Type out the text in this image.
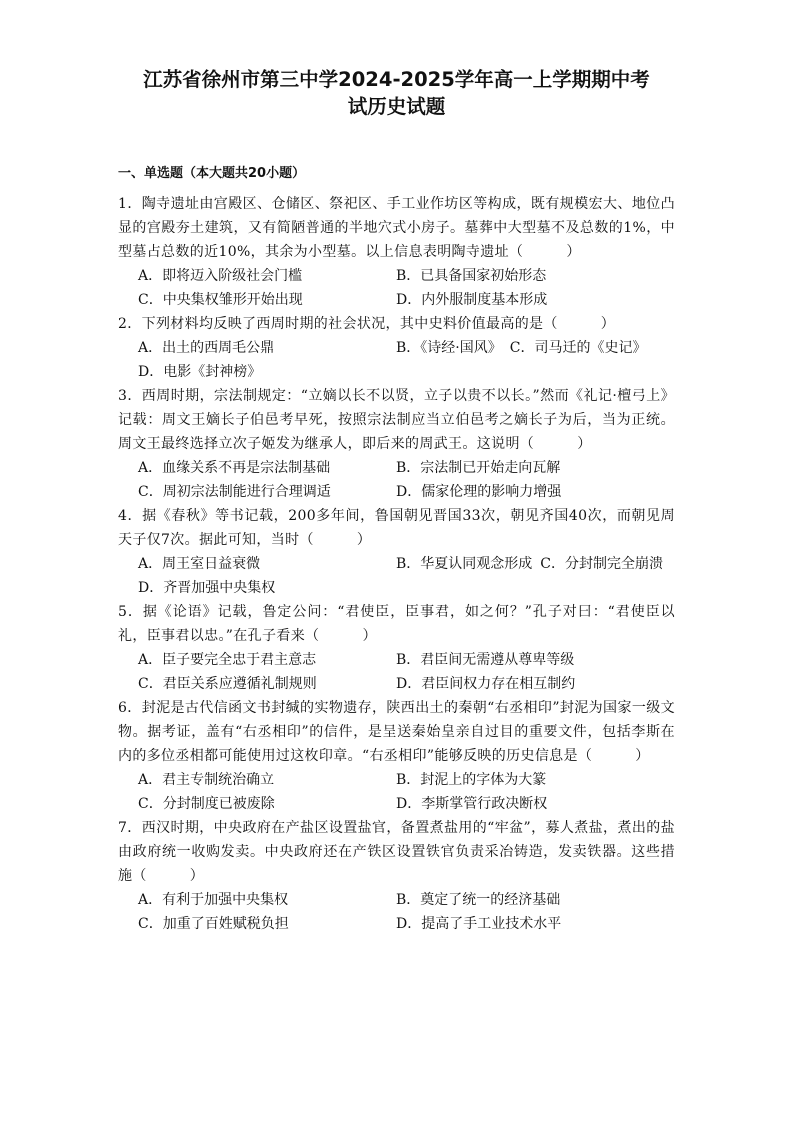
江苏省徐州市第三中学2024-2025学年高一上学期期中考
试历史试题
一、单选题（本大题共20小题）

1．陶寺遗址由宫殿区、仓储区、祭祀区、手工业作坊区等构成，既有规模宏大、地位凸显的宫殿夯土建筑，又有简陋普通的半地穴式小房子。墓葬中大型墓不及总数的1%，中型墓占总数的近10%，其余为小型墓。以上信息表明陶寺遗址（　　　）

A．即将迈入阶级社会门槛	B．已具备国家初始形态
C．中央集权雏形开始出现	D．内外服制度基本形成

2．下列材料均反映了西周时期的社会状况，其中史料价值最高的是（　　　）

A．出土的西周毛公鼎	B．《诗经·国风》 C．司马迁的《史记》
D．电影《封神榜》

3．西周时期，宗法制规定：“立嫡以长不以贤，立子以贵不以长。”然而《礼记·檀弓上》记载：周文王嫡长子伯邑考早死，按照宗法制应当立伯邑考之嫡长子为后，当为正统。周文王最终选择立次子姬发为继承人，即后来的周武王。这说明（　　　）

A．血缘关系不再是宗法制基础	B．宗法制已开始走向瓦解
C．周初宗法制能进行合理调适	D．儒家伦理的影响力增强

4．据《春秋》等书记载，200多年间，鲁国朝见晋国33次，朝见齐国40次，而朝见周天子仅7次。据此可知，当时（　　　）

A．周王室日益衰微	B．华夏认同观念形成 C．分封制完全崩溃
D．齐晋加强中央集权

5．据《论语》记载，鲁定公问：“君使臣，臣事君，如之何？”孔子对曰：“君使臣以礼，臣事君以忠。”在孔子看来（　　　）

A．臣子要完全忠于君主意志	B．君臣间无需遵从尊卑等级
C．君臣关系应遵循礼制规则	D．君臣间权力存在相互制约

6．封泥是古代信函文书封缄的实物遗存，陕西出土的秦朝“右丞相印”封泥为国家一级文物。据考证，盖有“右丞相印”的信件，是呈送秦始皇亲自过目的重要文件，包括李斯在内的多位丞相都可能使用过这枚印章。“右丞相印”能够反映的历史信息是（　　　）

A．君主专制统治确立	B．封泥上的字体为大篆
C．分封制度已被废除	D．李斯掌管行政决断权

7．西汉时期，中央政府在产盐区设置盐官，备置煮盐用的“牢盆”，募人煮盐，煮出的盐由政府统一收购发卖。中央政府还在产铁区设置铁官负责采冶铸造，发卖铁器。这些措施（　　　）

A．有利于加强中央集权	B．奠定了统一的经济基础
C．加重了百姓赋税负担	D．提高了手工业技术水平
